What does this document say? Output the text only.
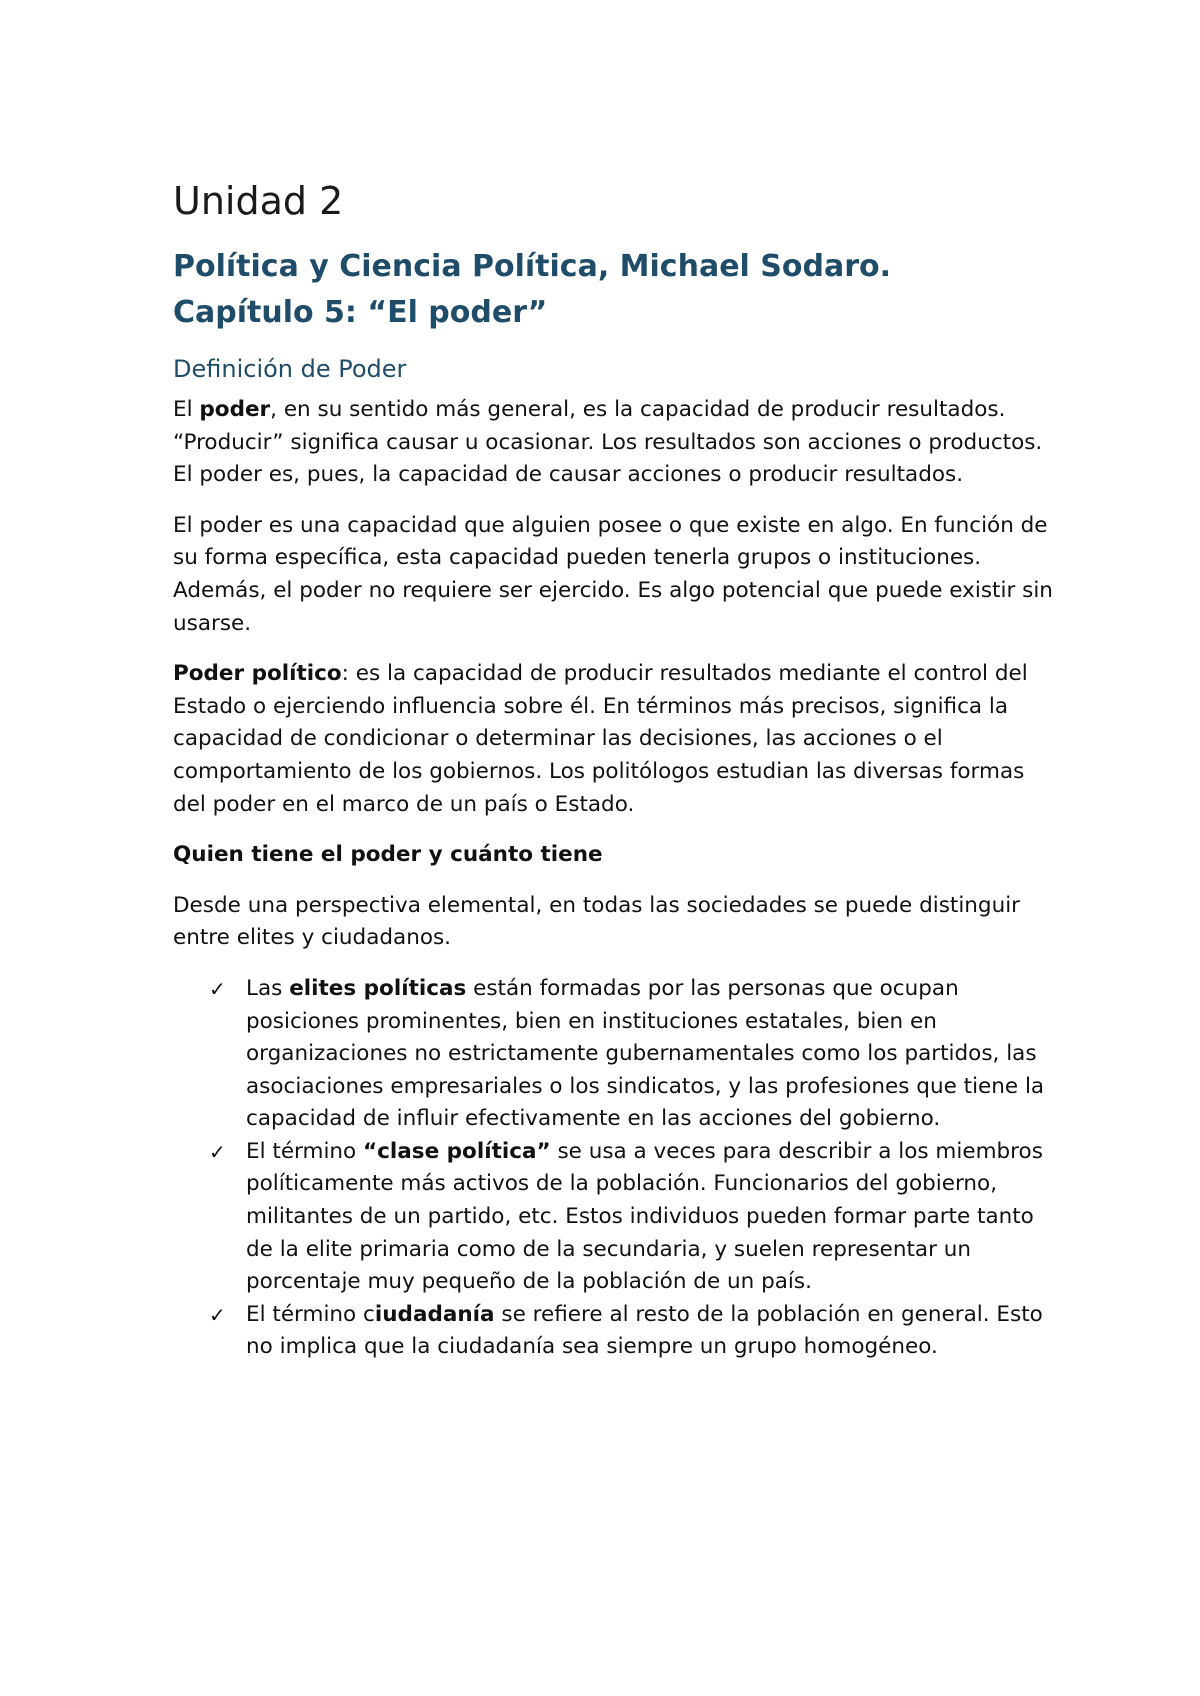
Unidad 2
Política y Ciencia Política, Michael Sodaro. Capítulo 5: “El poder”
Definición de Poder

El poder, en su sentido más general, es la capacidad de producir resultados. “Producir” significa causar u ocasionar. Los resultados son acciones o productos. El poder es, pues, la capacidad de causar acciones o producir resultados.

El poder es una capacidad que alguien posee o que existe en algo. En función de su forma específica, esta capacidad pueden tenerla grupos o instituciones. Además, el poder no requiere ser ejercido. Es algo potencial que puede existir sin usarse.

Poder político: es la capacidad de producir resultados mediante el control del Estado o ejerciendo influencia sobre él. En términos más precisos, significa la capacidad de condicionar o determinar las decisiones, las acciones o el comportamiento de los gobiernos. Los politólogos estudian las diversas formas del poder en el marco de un país o Estado.

Quien tiene el poder y cuánto tiene

Desde una perspectiva elemental, en todas las sociedades se puede distinguir entre elites y ciudadanos.

✓ Las elites políticas están formadas por las personas que ocupan posiciones prominentes, bien en instituciones estatales, bien en organizaciones no estrictamente gubernamentales como los partidos, las asociaciones empresariales o los sindicatos, y las profesiones que tiene la capacidad de influir efectivamente en las acciones del gobierno.
✓ El término “clase política” se usa a veces para describir a los miembros políticamente más activos de la población. Funcionarios del gobierno, militantes de un partido, etc. Estos individuos pueden formar parte tanto de la elite primaria como de la secundaria, y suelen representar un porcentaje muy pequeño de la población de un país.
✓ El término ciudadanía se refiere al resto de la población en general. Esto no implica que la ciudadanía sea siempre un grupo homogéneo.
